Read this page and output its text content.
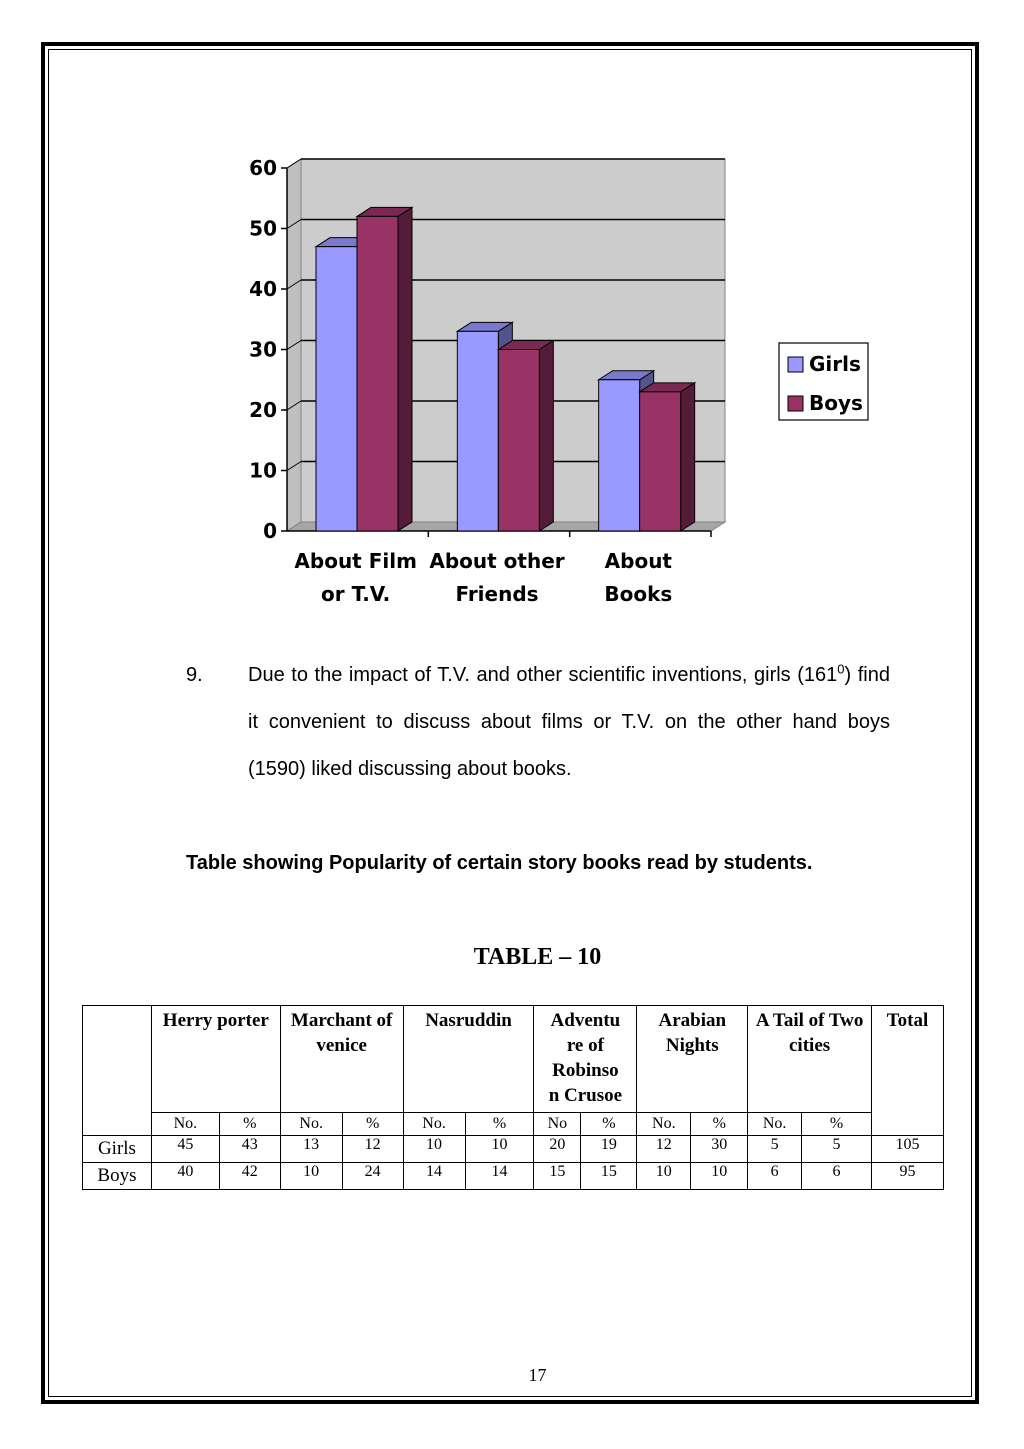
0
10
20
30
40
50
60
About Film
or T.V.
About other
Friends
About
Books
Girls
Boys
9. Due to the impact of T.V. and other scientific inventions, girls $(161^0)$ find it convenient to discuss about films or T.V. on the other hand boys (1590) liked discussing about books.
Table showing Popularity of certain story books read by students.
TABLE – 10
	Herry porter		Marchant of venice		Nasruddin		Adventu
re of
Robinso
n Crusoe		Arabian Nights		A Tail of Two cities		Total
	No.	%	No.	%	No.	%	No	%	No.	%	No.	%	
Girls	45	43	13	12	10	10	20	19	12	30	5	5	105
Boys	40	42	10	24	14	14	15	15	10	10	6	6	95
17
